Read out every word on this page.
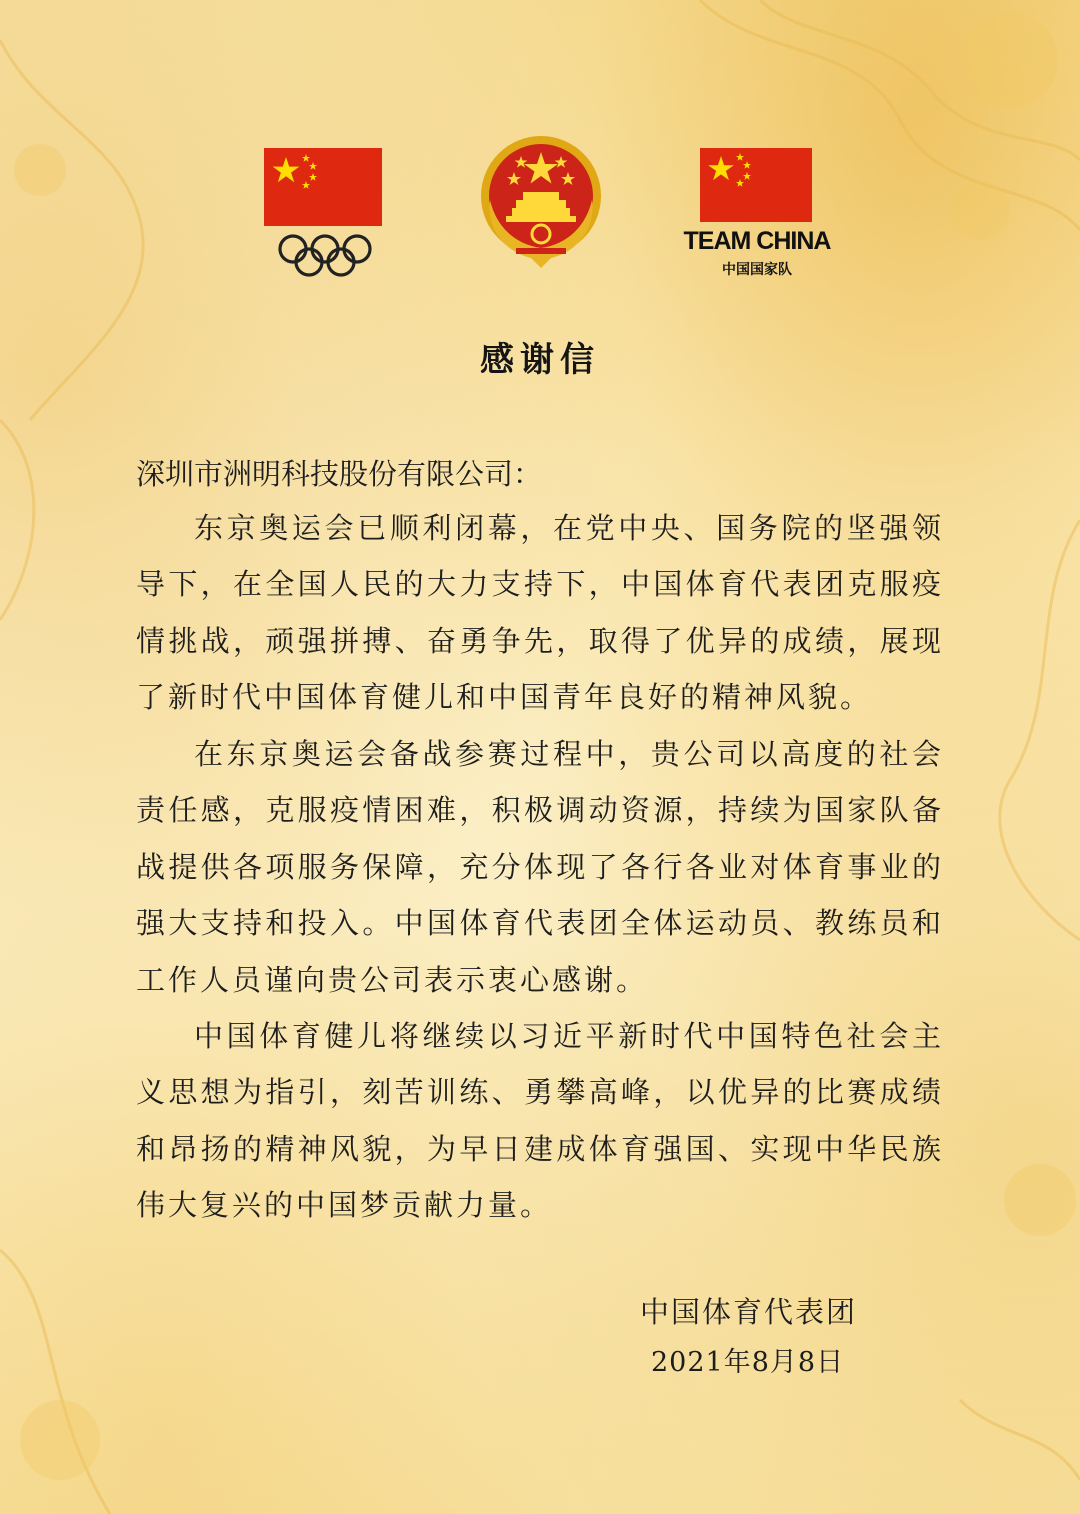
TEAM CHINA
中国国家队
感谢信
深圳市洲明科技股份有限公司：

东京奥运会已顺利闭幕，在党中央、国务院的坚强领导下，在全国人民的大力支持下，中国体育代表团克服疫情挑战，顽强拼搏、奋勇争先，取得了优异的成绩，展现了新时代中国体育健儿和中国青年良好的精神风貌。

在东京奥运会备战参赛过程中，贵公司以高度的社会责任感，克服疫情困难，积极调动资源，持续为国家队备战提供各项服务保障，充分体现了各行各业对体育事业的强大支持和投入。中国体育代表团全体运动员、教练员和工作人员谨向贵公司表示衷心感谢。

中国体育健儿将继续以习近平新时代中国特色社会主义思想为指引，刻苦训练、勇攀高峰，以优异的比赛成绩和昂扬的精神风貌，为早日建成体育强国、实现中华民族伟大复兴的中国梦贡献力量。

中国体育代表团
2021年8月8日
